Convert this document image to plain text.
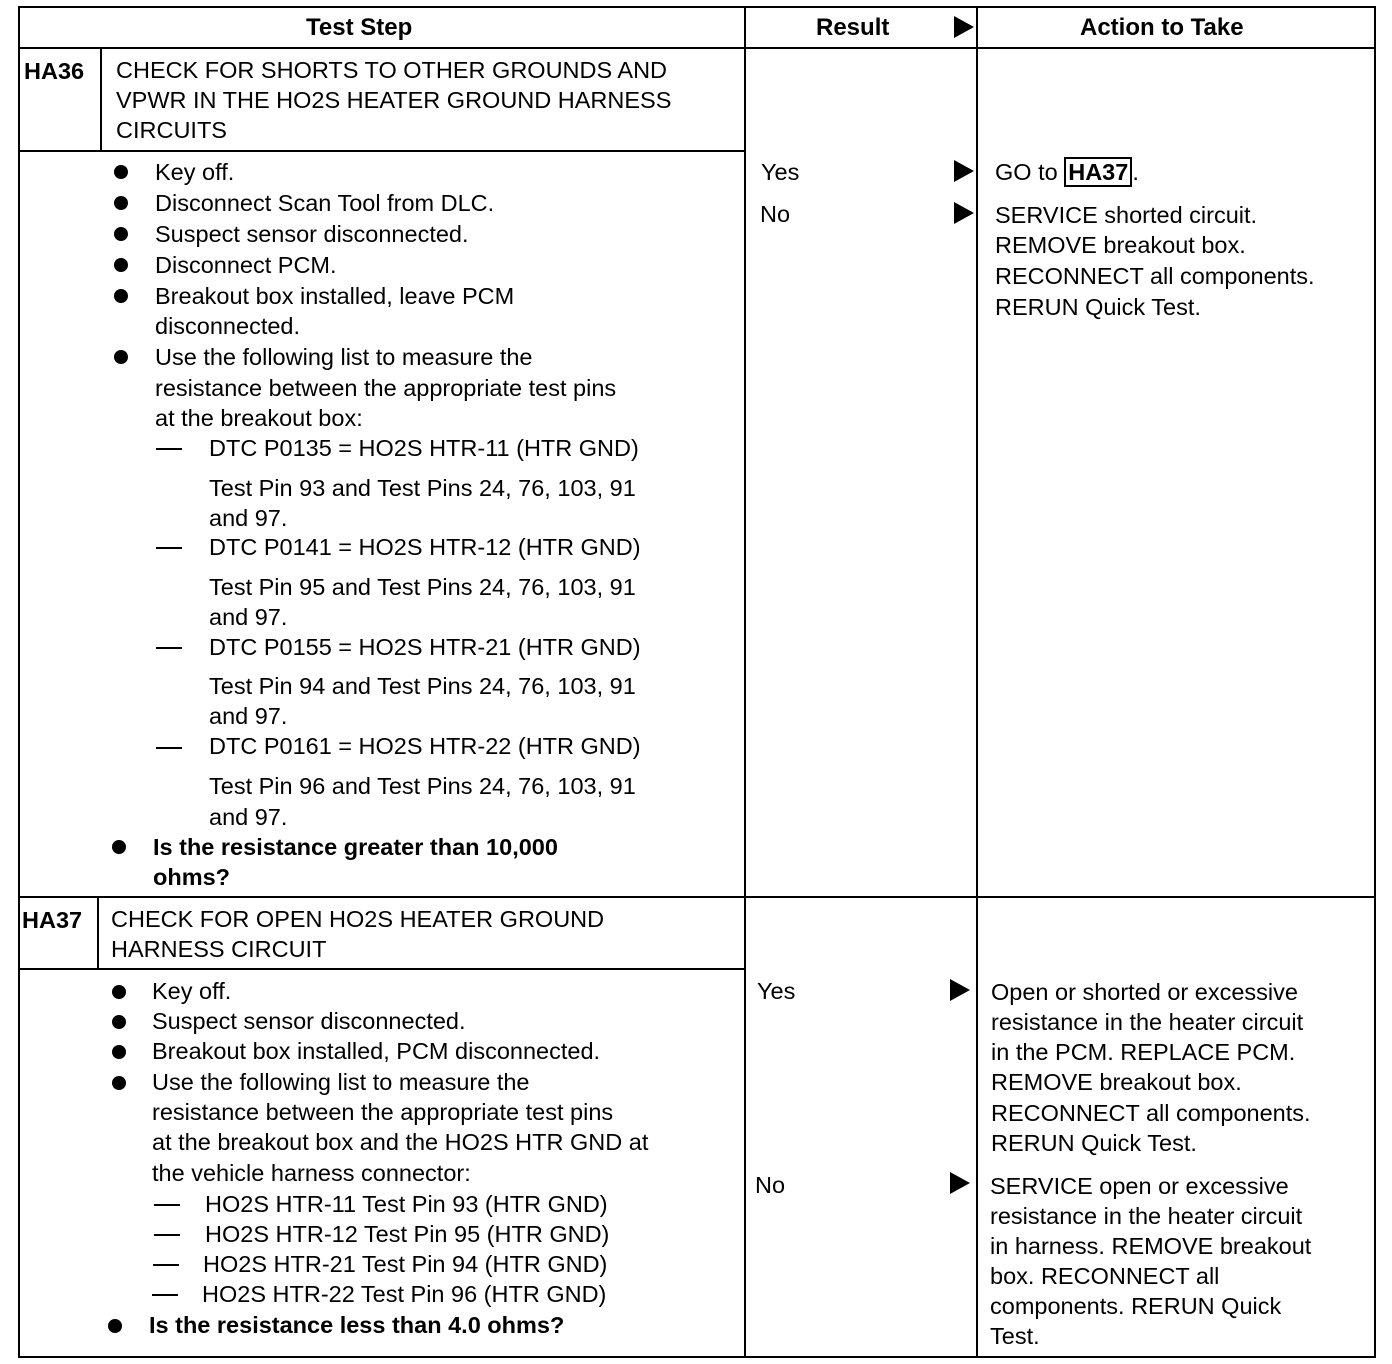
Test Step	Result	Action to Take
HA36 CHECK FOR SHORTS TO OTHER GROUNDS AND
VPWR IN THE HO2S HEATER GROUND HARNESS
CIRCUITS
Key off.
Disconnect Scan Tool from DLC.
Suspect sensor disconnected.
Disconnect PCM.
Breakout box installed, leave PCM
disconnected.
Use the following list to measure the
resistance between the appropriate test pins
at the breakout box:
DTC P0135 = HO2S HTR-11 (HTR GND)
Test Pin 93 and Test Pins 24, 76, 103, 91
and 97.
DTC P0141 = HO2S HTR-12 (HTR GND)
Test Pin 95 and Test Pins 24, 76, 103, 91
and 97.
DTC P0155 = HO2S HTR-21 (HTR GND)
Test Pin 94 and Test Pins 24, 76, 103, 91
and 97.
DTC P0161 = HO2S HTR-22 (HTR GND)
Test Pin 96 and Test Pins 24, 76, 103, 91
and 97.
Is the resistance greater than 10,000
ohms?
Yes
No
GO to HA37 .
SERVICE shorted circuit.
REMOVE breakout box.
RECONNECT all components.
RERUN Quick Test.
HA37 CHECK FOR OPEN HO2S HEATER GROUND
HARNESS CIRCUIT
Key off.
Suspect sensor disconnected.
Breakout box installed, PCM disconnected.
Use the following list to measure the
resistance between the appropriate test pins
at the breakout box and the HO2S HTR GND at
the vehicle harness connector:
HO2S HTR-11 Test Pin 93 (HTR GND)
HO2S HTR-12 Test Pin 95 (HTR GND)
HO2S HTR-21 Test Pin 94 (HTR GND)
HO2S HTR-22 Test Pin 96 (HTR GND)
Is the resistance less than 4.0 ohms?
Yes
No
Open or shorted or excessive
resistance in the heater circuit
in the PCM. REPLACE PCM.
REMOVE breakout box.
RECONNECT all components.
RERUN Quick Test.
SERVICE open or excessive
resistance in the heater circuit
in harness. REMOVE breakout
box. RECONNECT all
components. RERUN Quick
Test.
